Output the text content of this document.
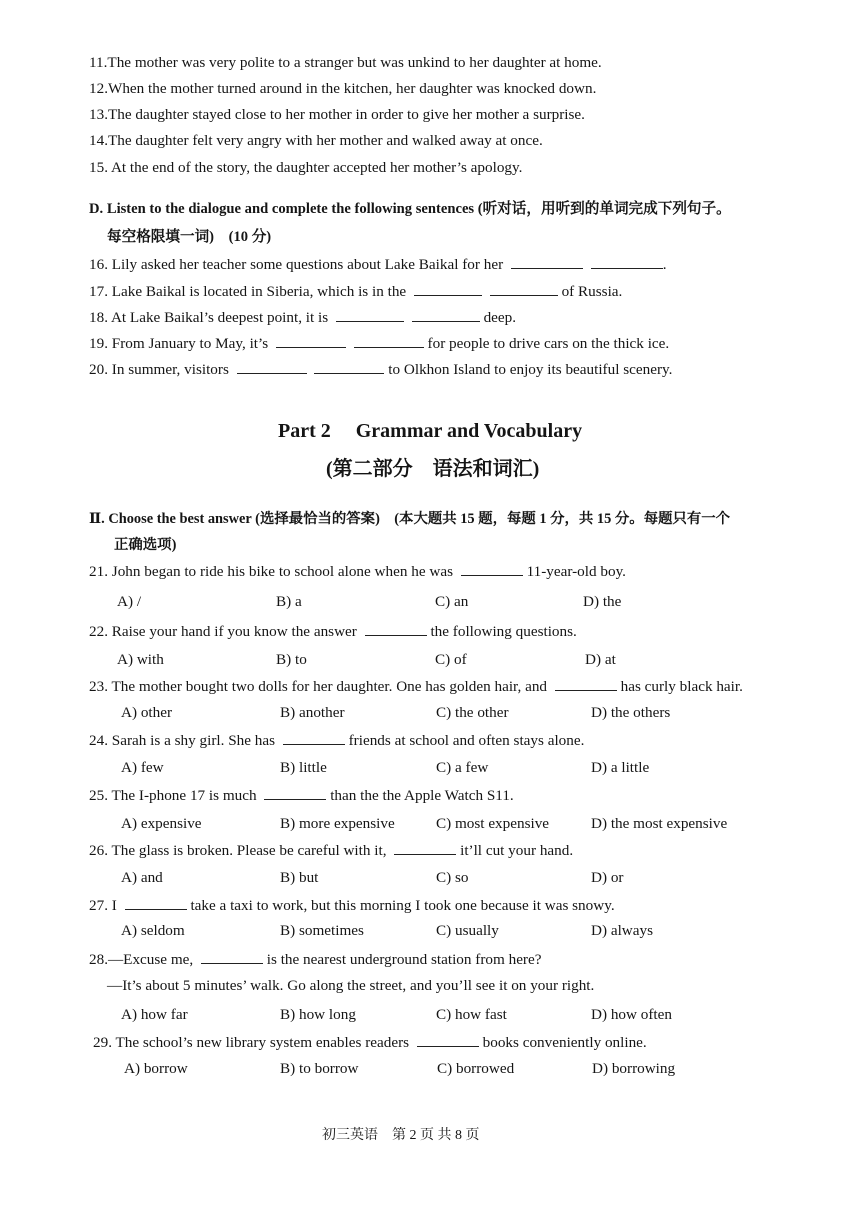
11.The mother was very polite to a stranger but was unkind to her daughter at home.
12.When the mother turned around in the kitchen, her daughter was knocked down.
13.The daughter stayed close to her mother in order to give her mother a surprise.
14.The daughter felt very angry with her mother and walked away at once.
15. At the end of the story, the daughter accepted her mother’s apology.
D. Listen to the dialogue and complete the following sentences (听对话，用听到的单词完成下列句子。
每空格限填一词)　(10 分)
16. Lily asked her teacher some questions about Lake Baikal for her	.
17. Lake Baikal is located in Siberia, which is in the	of Russia.
18. At Lake Baikal’s deepest point, it is	deep.
19. From January to May, it’s	for people to drive cars on the thick ice.
20. In summer, visitors	to Olkhon Island to enjoy its beautiful scenery.
Part 2　 Grammar and Vocabulary
(第二部分　语法和词汇)
Ⅱ. Choose the best answer (选择最恰当的答案)　(本大题共 15 题，每题 1 分，共 15 分。每题只有一个
正确选项)
21. John began to ride his bike to school alone when he was	11-year-old boy.
A) /	B) a	C) an	D) the
22. Raise your hand if you know the answer	the following questions.
A) with	B) to	C) of	D) at
23. The mother bought two dolls for her daughter. One has golden hair, and	has curly black hair.
A) other	B) another	C) the other	D) the others
24. Sarah is a shy girl. She has	friends at school and often stays alone.
A) few	B) little	C) a few	D) a little
25. The I-phone 17 is much	than the the Apple Watch S11.
A) expensive	B) more expensive	C) most expensive	D) the most expensive
26. The glass is broken. Please be careful with it,	it’ll cut your hand.
A) and	B) but	C) so	D) or
27. I	take a taxi to work, but this morning I took one because it was snowy.
A) seldom	B) sometimes	C) usually	D) always
28.—Excuse me,	is the nearest underground station from here?
—It’s about 5 minutes’ walk. Go along the street, and you’ll see it on your right.
A) how far	B) how long	C) how fast	D) how often
29. The school’s new library system enables readers	books conveniently online.
A) borrow	B) to borrow	C) borrowed	D) borrowing
初三英语　第 2 页 共 8 页
